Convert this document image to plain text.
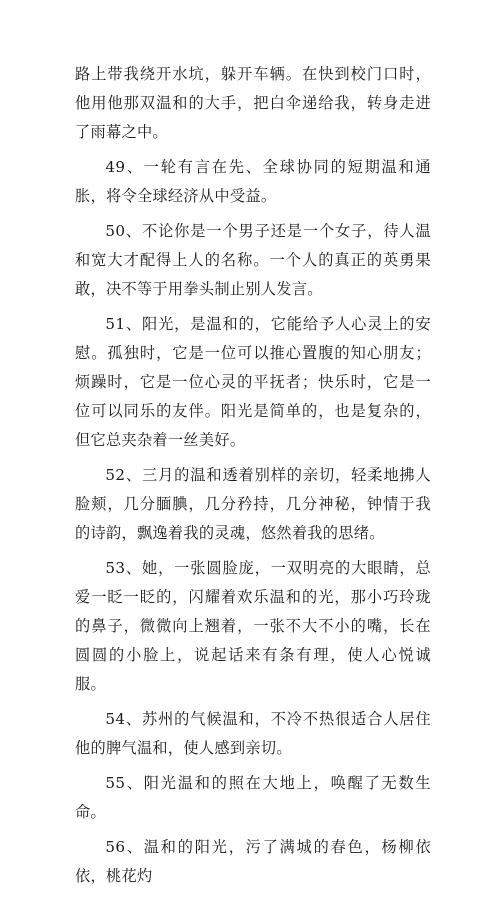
路上带我绕开水坑，躲开车辆。在快到校门口时，他用他那双温和的大手，把白伞递给我，转身走进了雨幕之中。

49、一轮有言在先、全球协同的短期温和通胀，将令全球经济从中受益。

50、不论你是一个男子还是一个女子，待人温和宽大才配得上人的名称。一个人的真正的英勇果敢，决不等于用拳头制止别人发言。

51、阳光，是温和的，它能给予人心灵上的安慰。孤独时，它是一位可以推心置腹的知心朋友；烦躁时，它是一位心灵的平抚者；快乐时，它是一位可以同乐的友伴。阳光是简单的，也是复杂的，但它总夹杂着一丝美好。

52、三月的温和透着别样的亲切，轻柔地拂人脸颊，几分腼腆，几分矜持，几分神秘，钟情于我的诗韵，飘逸着我的灵魂，悠然着我的思绪。

53、她，一张圆脸庞，一双明亮的大眼睛，总爱一眨一眨的，闪耀着欢乐温和的光，那小巧玲珑的鼻子，微微向上翘着，一张不大不小的嘴，长在圆圆的小脸上，说起话来有条有理，使人心悦诚服。

54、苏州的气候温和，不冷不热很适合人居住他的脾气温和，使人感到亲切。

55、阳光温和的照在大地上，唤醒了无数生命。

56、温和的阳光，污了满城的春色，杨柳依依，桃花灼
